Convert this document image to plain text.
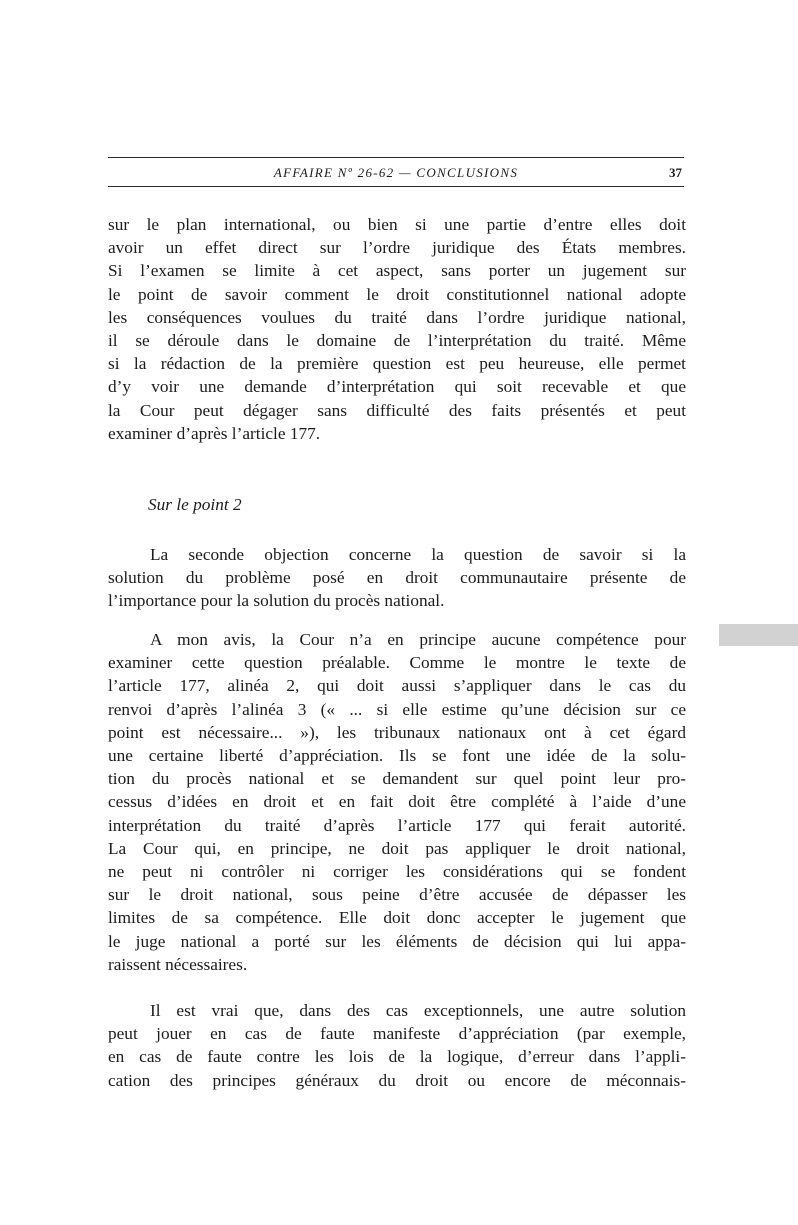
AFFAIRE Nº 26-62 — CONCLUSIONS	37
sur le plan international, ou bien si une partie d’entre elles doit
avoir un effet direct sur l’ordre juridique des États membres.
Si l’examen se limite à cet aspect, sans porter un jugement sur
le point de savoir comment le droit constitutionnel national adopte
les conséquences voulues du traité dans l’ordre juridique national,
il se déroule dans le domaine de l’interprétation du traité. Même
si la rédaction de la première question est peu heureuse, elle permet
d’y voir une demande d’interprétation qui soit recevable et que
la Cour peut dégager sans difficulté des faits présentés et peut
examiner d’après l’article 177.
La seconde objection concerne la question de savoir si la
solution du problème posé en droit communautaire présente de
l’importance pour la solution du procès national.
A mon avis, la Cour n’a en principe aucune compétence pour
examiner cette question préalable. Comme le montre le texte de
l’article 177, alinéa 2, qui doit aussi s’appliquer dans le cas du
renvoi d’après l’alinéa 3 (« ... si elle estime qu’une décision sur ce
point est nécessaire... »), les tribunaux nationaux ont à cet égard
une certaine liberté d’appréciation. Ils se font une idée de la solu-
tion du procès national et se demandent sur quel point leur pro-
cessus d’idées en droit et en fait doit être complété à l’aide d’une
interprétation du traité d’après l’article 177 qui ferait autorité.
La Cour qui, en principe, ne doit pas appliquer le droit national,
ne peut ni contrôler ni corriger les considérations qui se fondent
sur le droit national, sous peine d’être accusée de dépasser les
limites de sa compétence. Elle doit donc accepter le jugement que
le juge national a porté sur les éléments de décision qui lui appa-
raissent nécessaires.
Il est vrai que, dans des cas exceptionnels, une autre solution
peut jouer en cas de faute manifeste d’appréciation (par exemple,
en cas de faute contre les lois de la logique, d’erreur dans l’appli-
cation des principes généraux du droit ou encore de méconnais-
Sur le point 2
